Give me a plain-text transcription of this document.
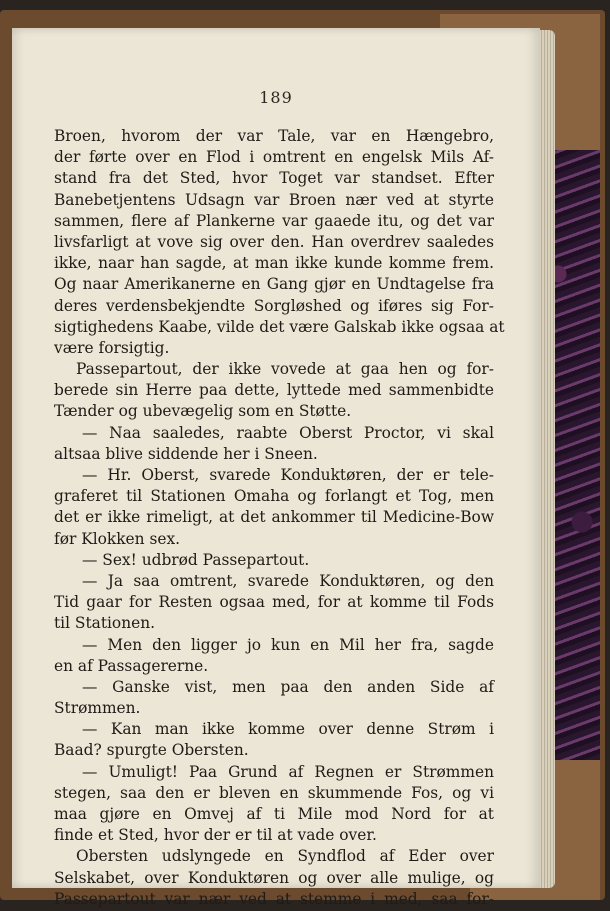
189
Broen, hvorom der var Tale, var en Hængebro,
der førte over en Flod i omtrent en engelsk Mils Af-
stand fra det Sted, hvor Toget var standset. Efter
Banebetjentens Udsagn var Broen nær ved at styrte
sammen, flere af Plankerne var gaaede itu, og det var
livsfarligt at vove sig over den. Han overdrev saaledes
ikke, naar han sagde, at man ikke kunde komme frem.
Og naar Amerikanerne en Gang gjør en Undtagelse fra
deres verdensbekjendte Sorgløshed og iføres sig For-
sigtighedens Kaabe, vilde det være Galskab ikke ogsaa at
være forsigtig.
Passepartout, der ikke vovede at gaa hen og for-
berede sin Herre paa dette, lyttede med sammenbidte
Tænder og ubevægelig som en Støtte.
— Naa saaledes, raabte Oberst Proctor, vi skal
altsaa blive siddende her i Sneen.
— Hr. Oberst, svarede Konduktøren, der er tele-
graferet til Stationen Omaha og forlangt et Tog, men
det er ikke rimeligt, at det ankommer til Medicine-Bow
før Klokken sex.
— Sex! udbrød Passepartout.
— Ja saa omtrent, svarede Konduktøren, og den
Tid gaar for Resten ogsaa med, for at komme til Fods
til Stationen.
— Men den ligger jo kun en Mil her fra, sagde
en af Passagererne.
— Ganske vist, men paa den anden Side af
Strømmen.
— Kan man ikke komme over denne Strøm i
Baad? spurgte Obersten.
— Umuligt! Paa Grund af Regnen er Strømmen
stegen, saa den er bleven en skummende Fos, og vi
maa gjøre en Omvej af ti Mile mod Nord for at
finde et Sted, hvor der er til at vade over.
Obersten udslyngede en Syndflod af Eder over
Selskabet, over Konduktøren og over alle mulige, og
Passepartout var nær ved at stemme i med, saa for-
